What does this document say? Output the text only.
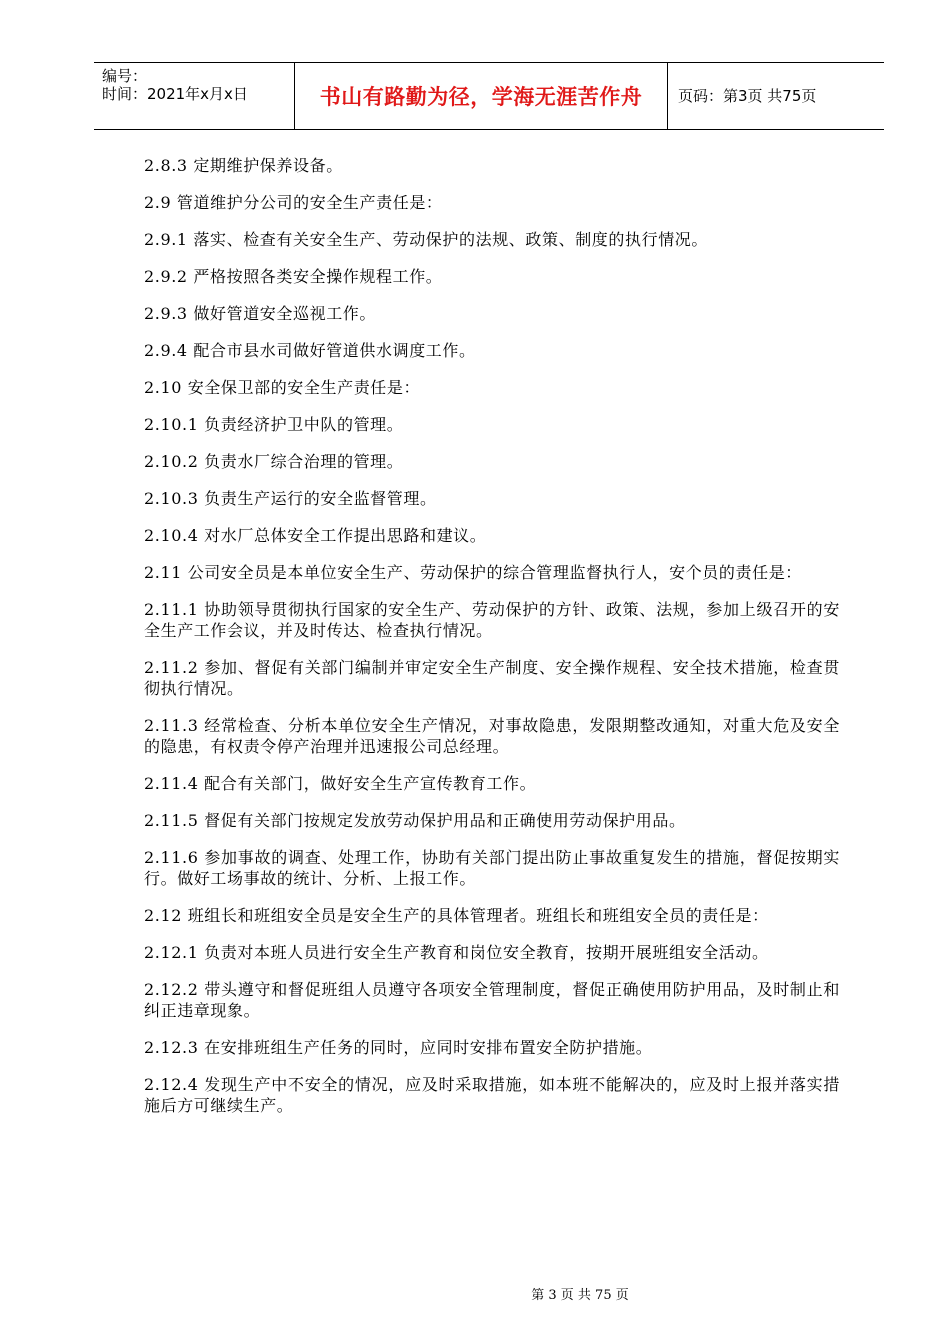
编号：
时间：2021年x月x日	书山有路勤为径，学海无涯苦作舟	页码：第3页 共75页

2.8.3 定期维护保养设备。

2.9 管道维护分公司的安全生产责任是：

2.9.1 落实、检查有关安全生产、劳动保护的法规、政策、制度的执行情况。

2.9.2 严格按照各类安全操作规程工作。

2.9.3 做好管道安全巡视工作。

2.9.4 配合市县水司做好管道供水调度工作。

2.10 安全保卫部的安全生产责任是：

2.10.1 负责经济护卫中队的管理。

2.10.2 负责水厂综合治理的管理。

2.10.3 负责生产运行的安全监督管理。

2.10.4 对水厂总体安全工作提出思路和建议。

2.11 公司安全员是本单位安全生产、劳动保护的综合管理监督执行人，安个员的责任是：

2.11.1 协助领导贯彻执行国家的安全生产、劳动保护的方针、政策、法规，参加上级召开的安全生产工作会议，并及时传达、检查执行情况。

2.11.2 参加、督促有关部门编制并审定安全生产制度、安全操作规程、安全技术措施，检查贯彻执行情况。

2.11.3 经常检查、分析本单位安全生产情况，对事故隐患，发限期整改通知，对重大危及安全的隐患，有权责令停产治理并迅速报公司总经理。

2.11.4 配合有关部门，做好安全生产宣传教育工作。

2.11.5 督促有关部门按规定发放劳动保护用品和正确使用劳动保护用品。

2.11.6 参加事故的调查、处理工作，协助有关部门提出防止事故重复发生的措施，督促按期实行。做好工场事故的统计、分析、上报工作。

2.12 班组长和班组安全员是安全生产的具体管理者。班组长和班组安全员的责任是：

2.12.1 负责对本班人员进行安全生产教育和岗位安全教育，按期开展班组安全活动。

2.12.2 带头遵守和督促班组人员遵守各项安全管理制度，督促正确使用防护用品，及时制止和纠正违章现象。

2.12.3 在安排班组生产任务的同时，应同时安排布置安全防护措施。

2.12.4 发现生产中不安全的情况，应及时采取措施，如本班不能解决的，应及时上报并落实措施后方可继续生产。

第 3 页 共 75 页
